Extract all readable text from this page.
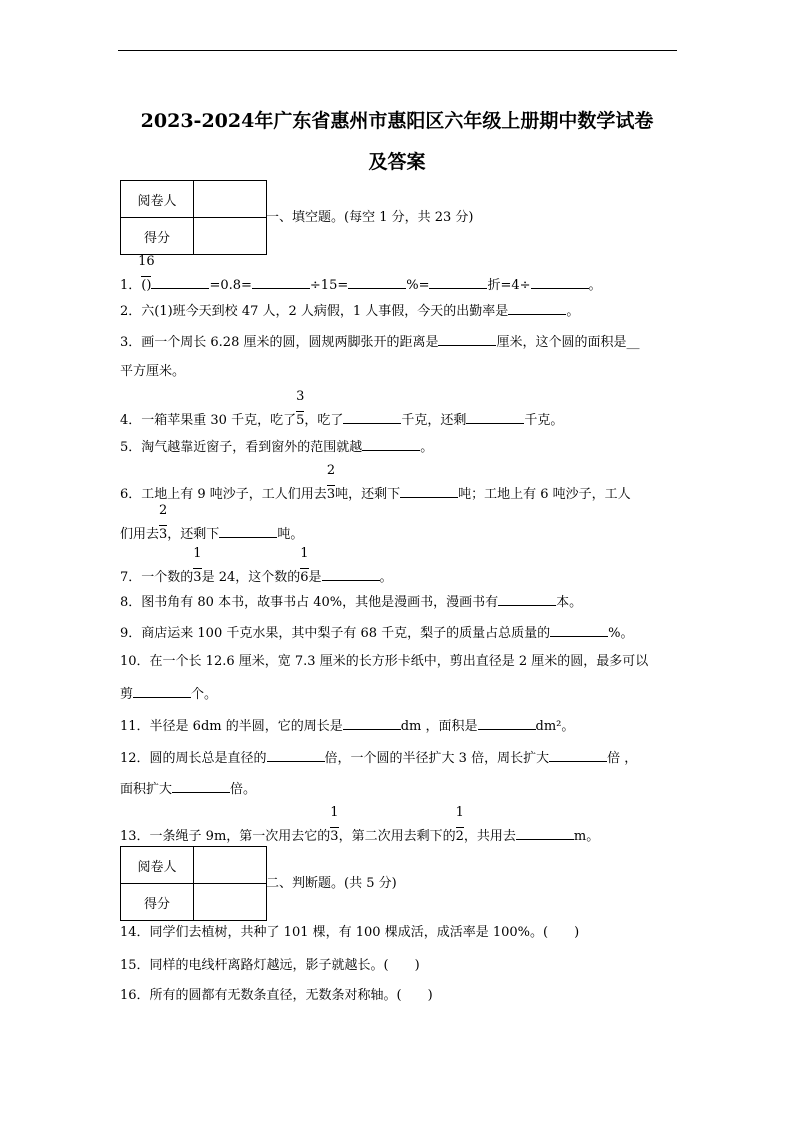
2023-2024年广东省惠州市惠阳区六年级上册期中数学试卷
及答案
阅卷人	
得分	
一、填空题。(每空 1 分，共 23 分)
阅卷人	
得分	
二、判断题。(共 5 分)
1． $\frac{16}{()}$	=0.8=	÷15=	%=	折=4÷	。
2．六(1)班今天到校 47 人，2 人病假，1 人事假，今天的出勤率是	。
3．画一个周长 6.28 厘米的圆，圆规两脚张开的距离是	厘米，这个圆的面积是__
平方厘米。
4．一箱苹果重 30 千克，吃了 $\frac{3}{5}$，吃了	千克，还剩	千克。
5．淘气越靠近窗子，看到窗外的范围就越	。
6．工地上有 9 吨沙子，工人们用去 $\frac{2}{3}$吨，还剩下	吨；工地上有 6 吨沙子，工人
们用去 $\frac{2}{3}$，还剩下	吨。
7．一个数的 $\frac{1}{3}$是 24，这个数的 $\frac{1}{6}$是	。
8．图书角有 80 本书，故事书占 40%，其他是漫画书，漫画书有	本。
9．商店运来 100 千克水果，其中梨子有 68 千克，梨子的质量占总质量的	%。
10．在一个长 12.6 厘米，宽 7.3 厘米的长方形卡纸中，剪出直径是 2 厘米的圆，最多可以
剪	个。
11．半径是 6dm 的半圆，它的周长是	dm ，面积是	dm²。
12．圆的周长总是直径的	倍，一个圆的半径扩大 3 倍，周长扩大	倍 ，
面积扩大	倍。
13．一条绳子 9m，第一次用去它的 $\frac{1}{3}$，第二次用去剩下的 $\frac{1}{2}$，共用去	m。
14．同学们去植树，共种了 101 棵，有 100 棵成活，成活率是 100%。(　　)
15．同样的电线杆离路灯越远，影子就越长。(　　)
16．所有的圆都有无数条直径，无数条对称轴。(　　)
